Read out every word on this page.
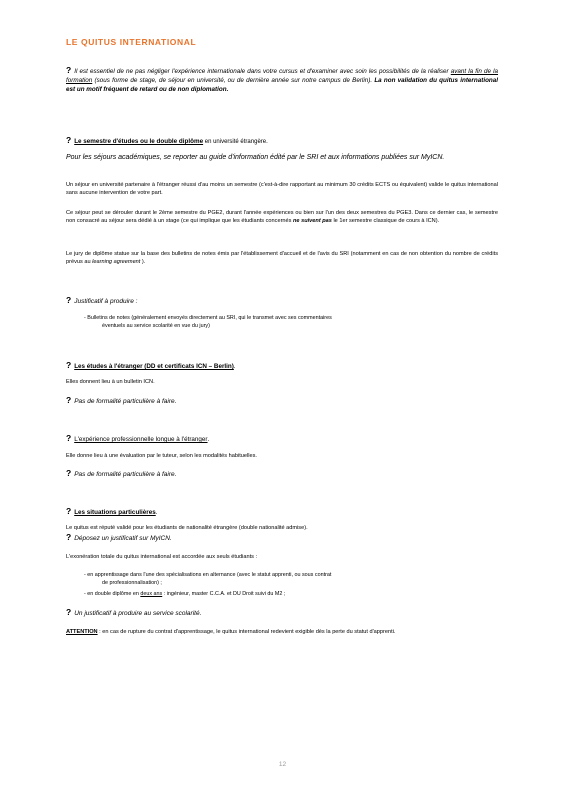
LE QUITUS INTERNATIONAL
? Il est essentiel de ne pas négliger l'expérience internationale dans votre cursus et d'examiner avec soin les possibilités de la réaliser avant la fin de la formation (sous forme de stage, de séjour en université, ou de dernière année sur notre campus de Berlin). La non validation du quitus international est un motif fréquent de retard ou de non diplomation.
? Le semestre d'études ou le double diplôme en université étrangère.
Pour les séjours académiques, se reporter au guide d'information édité par le SRI et aux informations publiées sur MyICN.
Un séjour en université partenaire à l'étranger réussi d'au moins un semestre (c'est-à-dire rapportant au minimum 30 crédits ECTS ou équivalent) valide le quitus international sans aucune intervention de votre part.
Ce séjour peut se dérouler durant le 2ème semestre du PGE2, durant l'année expériences ou bien sur l'un des deux semestres du PGE3. Dans ce dernier cas, le semestre non consacré au séjour sera dédié à un stage (ce qui implique que les étudiants concernés ne suivent pas le 1er semestre classique de cours à ICN).
Le jury de diplôme statue sur la base des bulletins de notes émis par l'établissement d'accueil et de l'avis du SRI (notamment en cas de non obtention du nombre de crédits prévus au learning agreement ).
? Justificatif à produire :
- Bulletins de notes (généralement envoyés directement au SRI, qui le transmet avec ses commentaires
éventuels au service scolarité en vue du jury)
? Les études à l'étranger (DD et certificats ICN – Berlin).
Elles donnent lieu à un bulletin ICN.
? Pas de formalité particulière à faire.
? L'expérience professionnelle longue à l'étranger.
Elle donne lieu à une évaluation par le tuteur, selon les modalités habituelles.
? Pas de formalité particulière à faire.
? Les situations particulières.
Le quitus est réputé validé pour les étudiants de nationalité étrangère (double nationalité admise).
? Déposez un justificatif sur MyICN.
L'exonération totale du quitus international est accordée aux seuls étudiants :
- en apprentissage dans l'une des spécialisations en alternance (avec le statut apprenti, ou sous contrat
de professionnalisation) ;
- en double diplôme en deux ans : ingénieur, master C.C.A. et DU Droit suivi du M2 ;
? Un justificatif à produire au service scolarité.
ATTENTION : en cas de rupture du contrat d'apprentissage, le quitus international redevient exigible dès la perte du statut d'apprenti.
12
